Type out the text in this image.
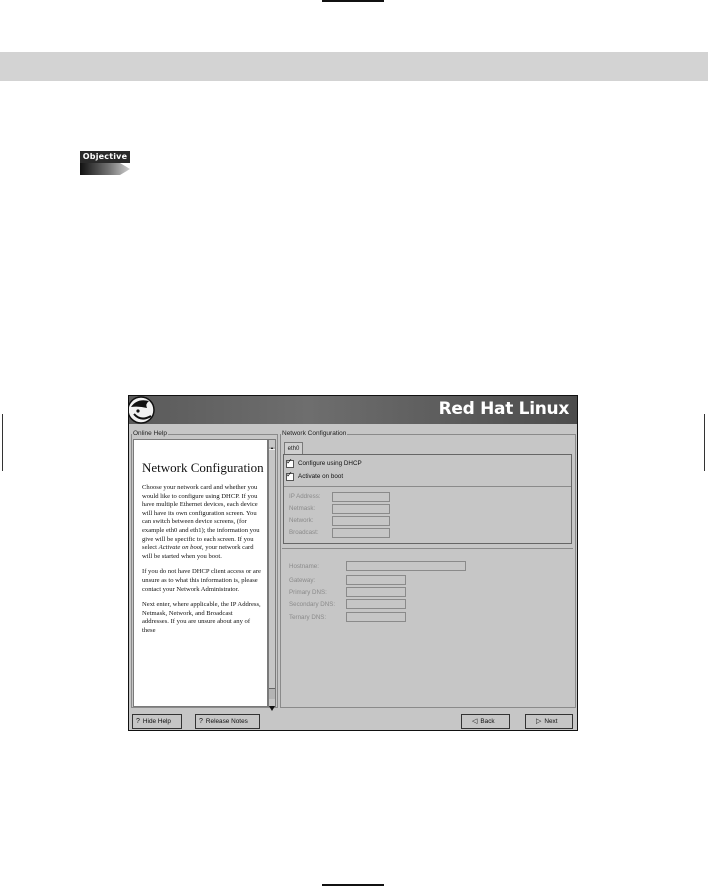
Objective
Red Hat Linux
Online Help
Network Configuration

Choose your network card and whether you would like to configure using DHCP. If you have multiple Ethernet devices, each device will have its own configuration screen. You can switch between device screens, (for example eth0 and eth1); the information you give will be specific to each screen. If you select Activate on boot, your network card will be started when you boot.

If you do not have DHCP client access or are unsure as to what this information is, please contact your Network Administrator.

Next enter, where applicable, the IP Address, Netmask, Network, and Broadcast addresses. If you are unsure about any of these

Network Configuration
eth0
✓ Configure using DHCP
✓ Activate on boot
IP Address:
Netmask:
Network:
Broadcast:
Hostname:
Gateway:
Primary DNS:
Secondary DNS:
Ternary DNS:
? Hide Help	? Release Notes	◁ Back	▷ Next
